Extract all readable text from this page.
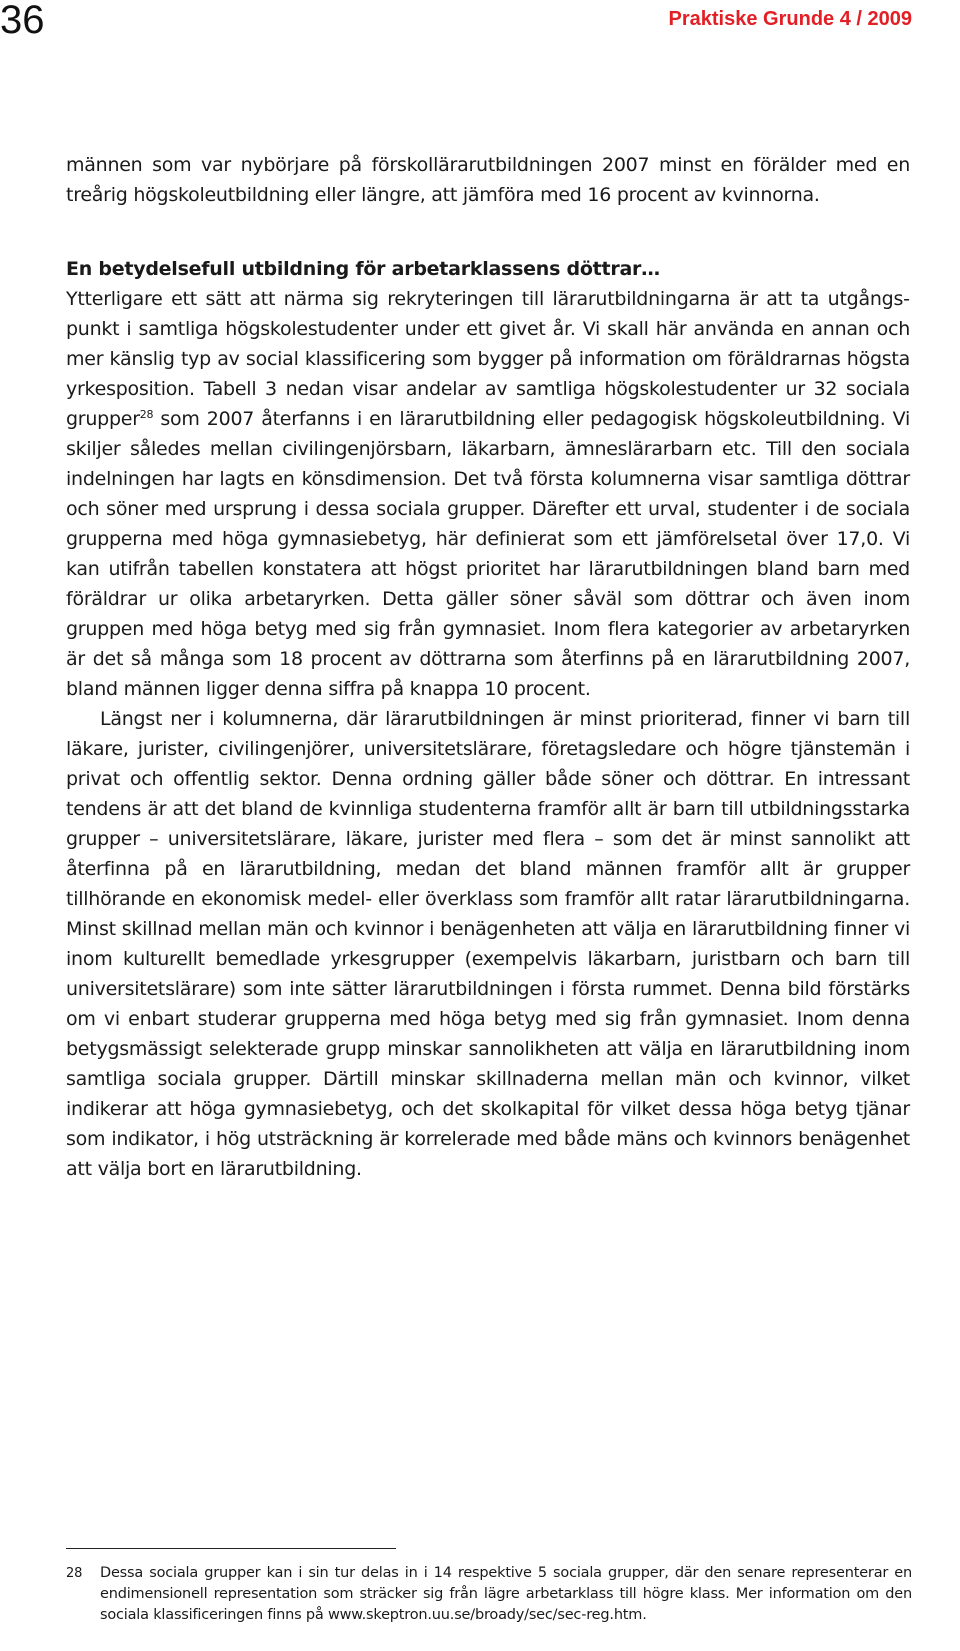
36	Praktiske Grunde 4 / 2009
männen som var nybörjare på förskollärarutbildningen 2007 minst en förälder med en treårig högskoleutbildning eller längre, att jämföra med 16 procent av kvinnorna.

En betydelsefull utbildning för arbetarklassens döttrar…

Ytterligare ett sätt att närma sig rekryteringen till lärarutbildningarna är att ta utgångspunkt i samtliga högskolestudenter under ett givet år. Vi skall här använda en annan och mer känslig typ av social klassificering som bygger på information om föräldrarnas högsta yrkesposition. Tabell 3 nedan visar andelar av samtliga högskolestudenter ur 32 sociala grupper$^{28}$ som 2007 återfanns i en lärarutbildning eller pedagogisk högskoleutbildning. Vi skiljer således mellan civilingenjörsbarn, läkarbarn, ämneslärarbarn etc. Till den sociala indelningen har lagts en könsdimension. Det två första kolumnerna visar samtliga döttrar och söner med ursprung i dessa sociala grupper. Därefter ett urval, studenter i de sociala grupperna med höga gymnasiebetyg, här definierat som ett jämförelsetal över 17,0. Vi kan utifrån tabellen konstatera att högst prioritet har lärarutbildningen bland barn med föräldrar ur olika arbetaryrken. Detta gäller söner såväl som döttrar och även inom gruppen med höga betyg med sig från gymnasiet. Inom flera kategorier av arbetaryrken är det så många som 18 procent av döttrarna som återfinns på en lärarutbildning 2007, bland männen ligger denna siffra på knappa 10 procent.

Längst ner i kolumnerna, där lärarutbildningen är minst prioriterad, finner vi barn till läkare, jurister, civilingenjörer, universitetslärare, företagsledare och högre tjänstemän i privat och offentlig sektor. Denna ordning gäller både söner och döttrar. En intressant tendens är att det bland de kvinnliga studenterna framför allt är barn till utbildningsstarka grupper – universitetslärare, läkare, jurister med flera – som det är minst sannolikt att återfinna på en lärarutbildning, medan det bland männen framför allt är grupper tillhörande en ekonomisk medel- eller överklass som framför allt ratar lärarutbildningarna. Minst skillnad mellan män och kvinnor i benägenheten att välja en lärarutbildning finner vi inom kulturellt bemedlade yrkesgrupper (exempelvis läkarbarn, juristbarn och barn till universitetslärare) som inte sätter lärarutbildningen i första rummet. Denna bild förstärks om vi enbart studerar grupperna med höga betyg med sig från gymnasiet. Inom denna betygsmässigt selekterade grupp minskar sannolikheten att välja en lärarutbildning inom samtliga sociala grupper. Därtill minskar skillnaderna mellan män och kvinnor, vilket indikerar att höga gymnasiebetyg, och det skolkapital för vilket dessa höga betyg tjänar som indikator, i hög utsträckning är korrelerade med både mäns och kvinnors benägenhet att välja bort en lärarutbildning.

28 Dessa sociala grupper kan i sin tur delas in i 14 respektive 5 sociala grupper, där den senare representerar en endimensionell representation som sträcker sig från lägre arbetarklass till högre klass. Mer information om den sociala klassificeringen finns på www.skeptron.uu.se/broady/sec/sec-reg.htm.
